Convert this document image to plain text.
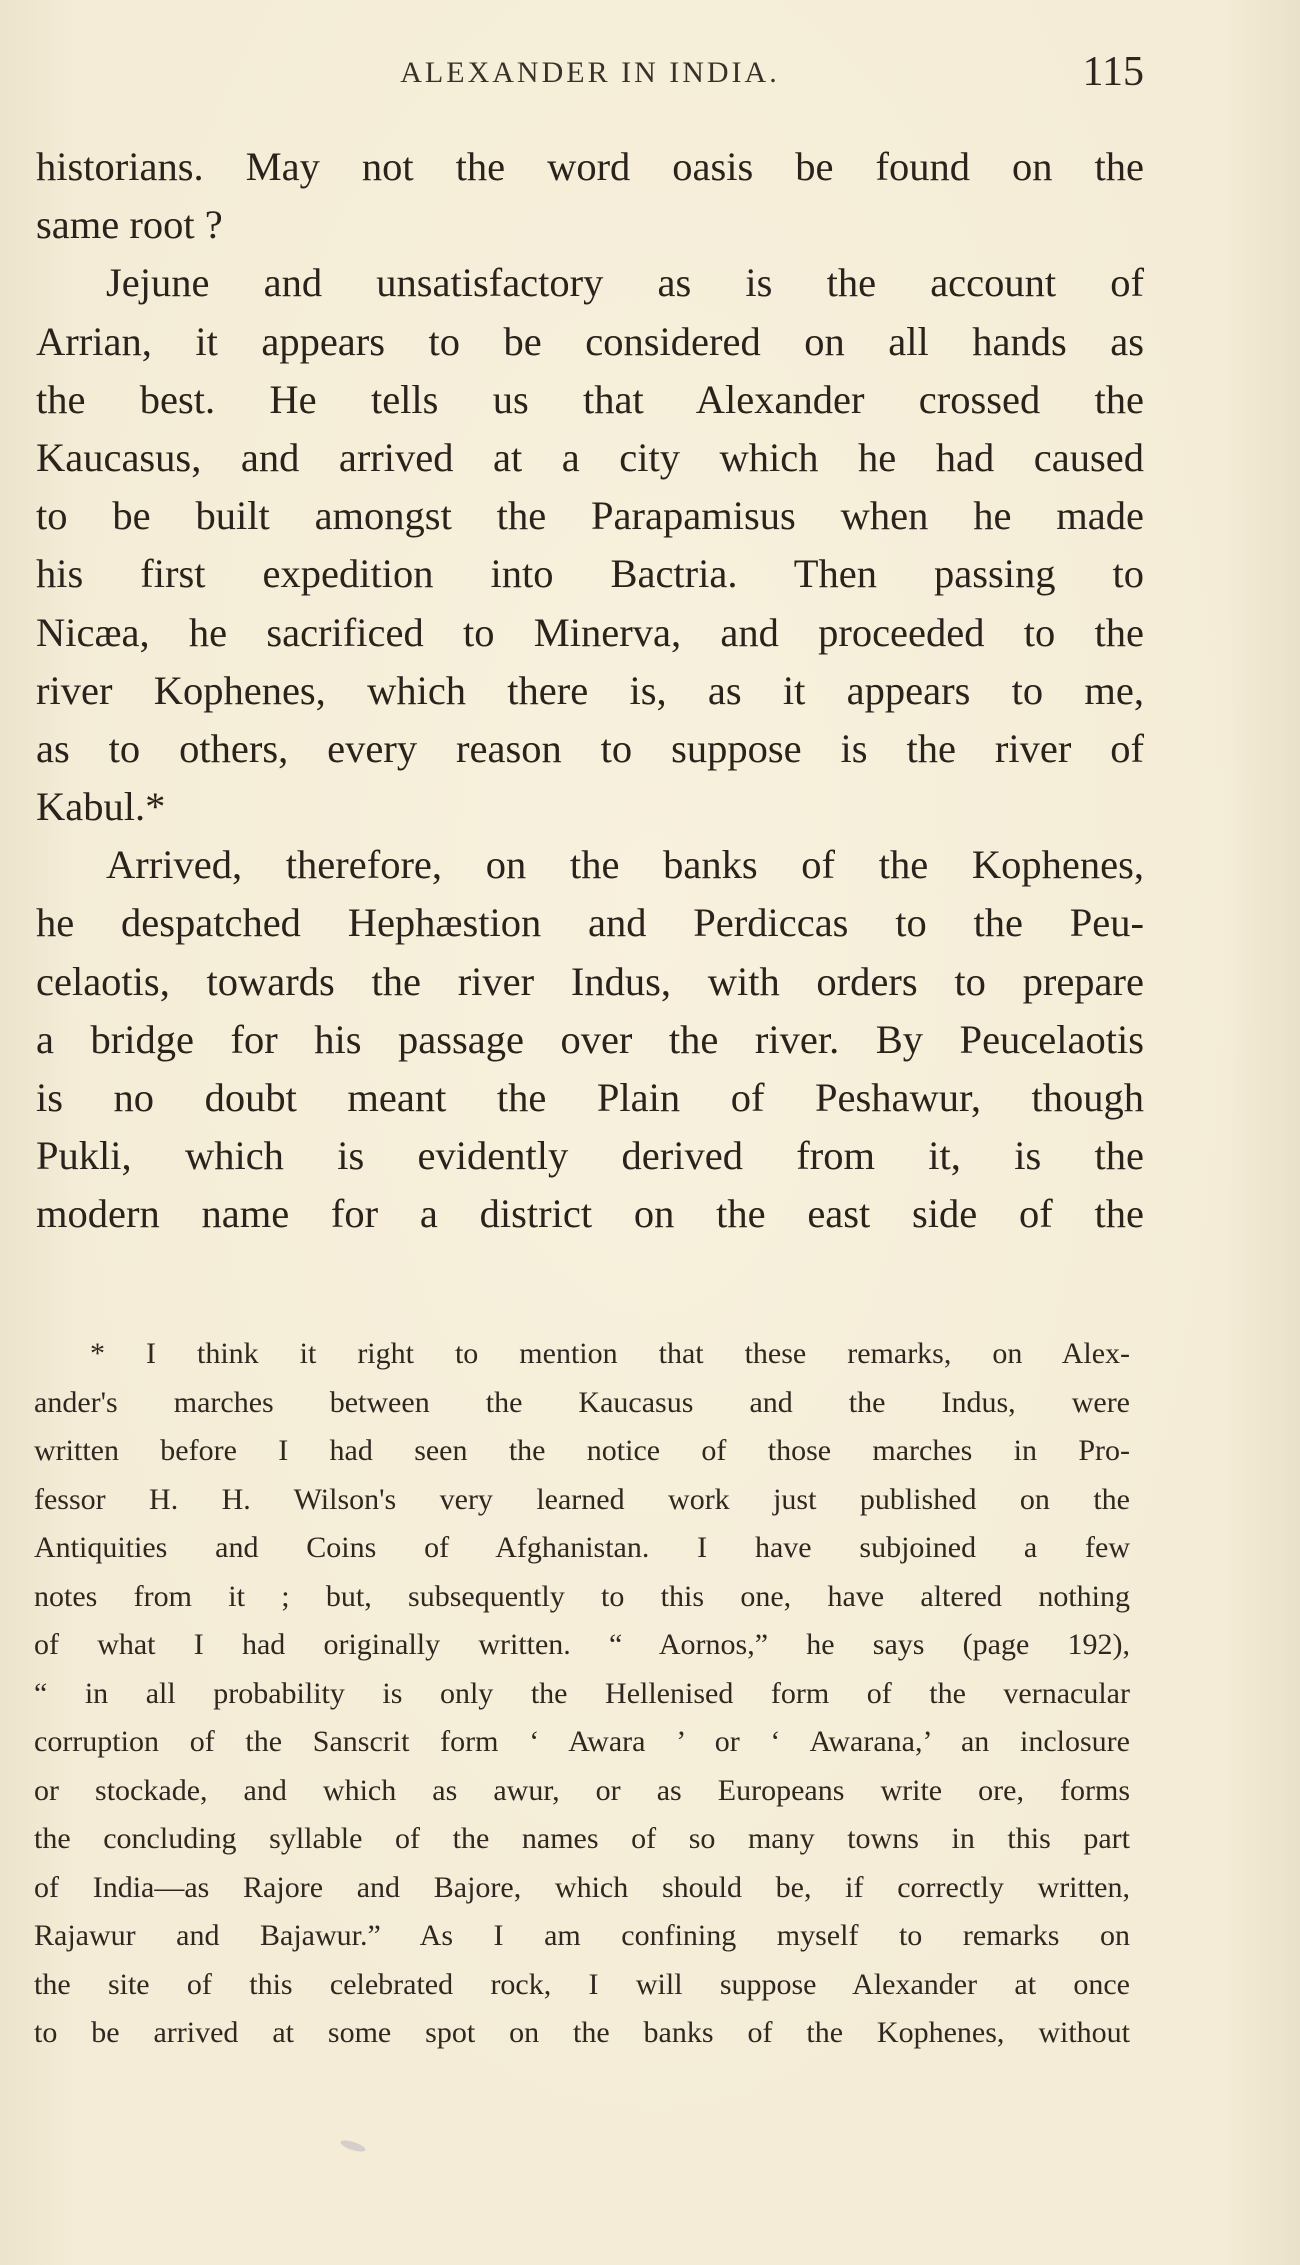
ALEXANDER IN INDIA.	115
historians. May not the word oasis be found on the
same root ?
Jejune and unsatisfactory as is the account of
Arrian, it appears to be considered on all hands as
the best. He tells us that Alexander crossed the
Kaucasus, and arrived at a city which he had caused
to be built amongst the Parapamisus when he made
his first expedition into Bactria. Then passing to
Nicæa, he sacrificed to Minerva, and proceeded to the
river Kophenes, which there is, as it appears to me,
as to others, every reason to suppose is the river of
Kabul.*
Arrived, therefore, on the banks of the Kophenes,
he despatched Hephæstion and Perdiccas to the Peu-
celaotis, towards the river Indus, with orders to prepare
a bridge for his passage over the river. By Peucelaotis
is no doubt meant the Plain of Peshawur, though
Pukli, which is evidently derived from it, is the
modern name for a district on the east side of the
* I think it right to mention that these remarks, on Alex-
ander's marches between the Kaucasus and the Indus, were
written before I had seen the notice of those marches in Pro-
fessor H. H. Wilson's very learned work just published on the
Antiquities and Coins of Afghanistan. I have subjoined a few
notes from it ; but, subsequently to this one, have altered nothing
of what I had originally written. “ Aornos,” he says (page 192),
“ in all probability is only the Hellenised form of the vernacular
corruption of the Sanscrit form ‘ Awara ’ or ‘ Awarana,’ an inclosure
or stockade, and which as awur, or as Europeans write ore, forms
the concluding syllable of the names of so many towns in this part
of India—as Rajore and Bajore, which should be, if correctly written,
Rajawur and Bajawur.” As I am confining myself to remarks on
the site of this celebrated rock, I will suppose Alexander at once
to be arrived at some spot on the banks of the Kophenes, without
